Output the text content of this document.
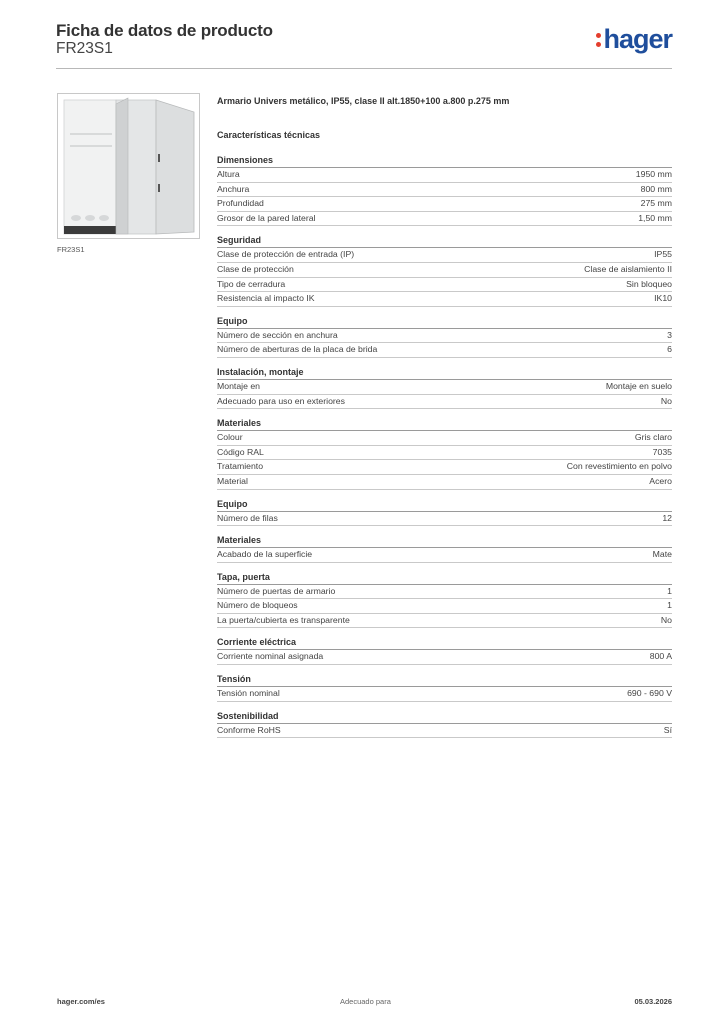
Ficha de datos de producto
FR23S1	hager
FR23S1
Armario Univers metálico, IP55, clase II alt.1850+100 a.800 p.275 mm
Características técnicas
Dimensiones
Altura	1950 mm
Anchura	800 mm
Profundidad	275 mm
Grosor de la pared lateral	1,50 mm
Seguridad
Clase de protección de entrada (IP)	IP55
Clase de protección	Clase de aislamiento II
Tipo de cerradura	Sin bloqueo
Resistencia al impacto IK	IK10
Equipo
Número de sección en anchura	3
Número de aberturas de la placa de brida	6
Instalación, montaje
Montaje en	Montaje en suelo
Adecuado para uso en exteriores	No
Materiales
Colour	Gris claro
Código RAL	7035
Tratamiento	Con revestimiento en polvo
Material	Acero
Equipo
Número de filas	12
Materiales
Acabado de la superficie	Mate
Tapa, puerta
Número de puertas de armario	1
Número de bloqueos	1
La puerta/cubierta es transparente	No
Corriente eléctrica
Corriente nominal asignada	800 A
Tensión
Tensión nominal	690 - 690 V
Sostenibilidad
Conforme RoHS	Sí
hager.com/es	Adecuado para	05.03.2026
